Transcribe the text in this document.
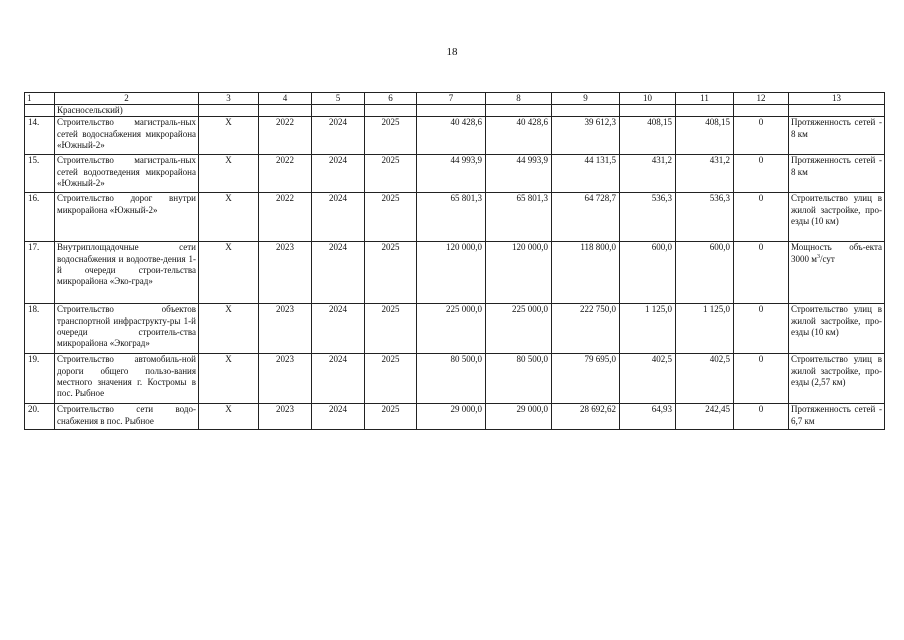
18
1	2	3	4	5	6	7	8	9	10	11	12	13
	Красносельский)											
14.	Строительство магистраль-ных сетей водоснабжения микрорайона «Южный-2»	X	2022	2024	2025	40 428,6	40 428,6	39 612,3	408,15	408,15	0	Протяженность сетей - 8 км
15.	Строительство магистраль-ных сетей водоотведения микрорайона «Южный-2»	X	2022	2024	2025	44 993,9	44 993,9	44 131,5	431,2	431,2	0	Протяженность сетей - 8 км
16.	Строительство дорог внутри микрорайона «Южный-2»	X	2022	2024	2025	65 801,3	65 801,3	64 728,7	536,3	536,3	0	Строительство улиц в жилой застройке, про-езды (10 км)
17.	Внутриплощадочные сети водоснабжения и водоотве-дения 1-й очереди строи-тельства микрорайона «Эко-град»	X	2023	2024	2025	120 000,0	120 000,0	118 800,0	600,0	600,0	0	Мощность объ-екта 3000 $м^3$/сут
18.	Строительство объектов транспортной инфраструкту-ры 1-й очереди строитель-ства микрорайона «Экоград»	X	2023	2024	2025	225 000,0	225 000,0	222 750,0	1 125,0	1 125,0	0	Строительство улиц в жилой застройке, про-езды (10 км)
19.	Строительство автомобиль-ной дороги общего пользо-вания местного значения г. Костромы в пос. Рыбное	X	2023	2024	2025	80 500,0	80 500,0	79 695,0	402,5	402,5	0	Строительство улиц в жилой застройке, про-езды (2,57 км)
20.	Строительство сети водо-снабжения в пос. Рыбное	X	2023	2024	2025	29 000,0	29 000,0	28 692,62	64,93	242,45	0	Протяженность сетей - 6,7 км
